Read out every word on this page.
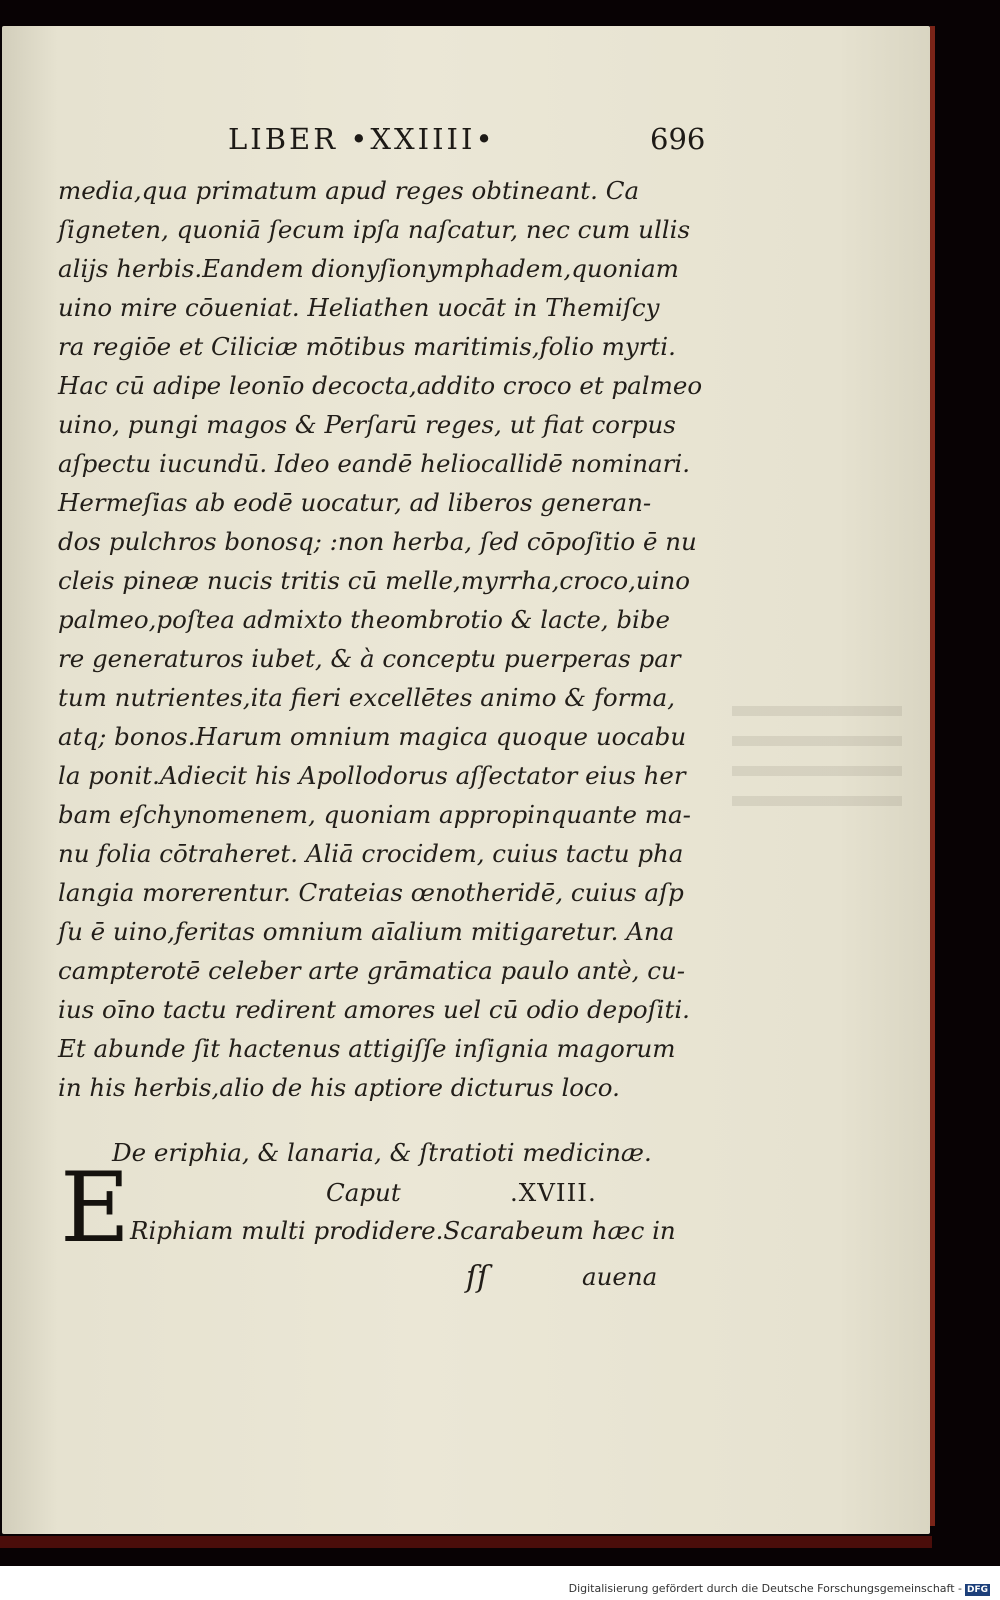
LIBER •XXIIII•	696
media,qua primatum apud reges obtineant. Ca
ſigneten, quoniā ſecum ipſa naſcatur, nec cum ullis
alijs herbis.Eandem dionyſionymphadem,quoniam
uino mire cōueniat. Heliathen uocāt in Themiſcy
ra regiōe et Ciliciæ mōtibus maritimis,folio myrti.
Hac cū adipe leonīo decocta,addito croco et palmeo
uino, pungi magos & Perſarū reges, ut fiat corpus
aſpectu iucundū. Ideo eandē heliocallidē nominari.
Hermeſias ab eodē uocatur, ad liberos generan-
dos pulchros bonosq; :non herba, ſed cōpoſitio ē nu
cleis pineæ nucis tritis cū melle,myrrha,croco,uino
palmeo,poſtea admixto theombrotio & lacte, bibe
re generaturos iubet, & à conceptu puerperas par
tum nutrientes,ita fieri excellētes animo & forma,
atq; bonos.Harum omnium magica quoque uocabu
la ponit.Adiecit his Apollodorus aſſectator eius her
bam eſchynomenem, quoniam appropinquante ma-
nu folia cōtraheret. Aliā crocidem, cuius tactu pha
langia morerentur. Crateias œnotheridē, cuius aſp
ſu ē uino,feritas omnium aīalium mitigaretur. Ana
campterotē celeber arte grāmatica paulo antè, cu-
ius oīno tactu redirent amores uel cū odio depoſiti.
Et abunde ſit hactenus attigiſſe inſignia magorum
in his herbis,alio de his aptiore dicturus loco.
De eriphia, & lanaria, & ſtratioti medicinæ.
E	Caput	.XVIII.
Riphiam multi prodidere.Scarabeum hæc in
ſſ	auena
Digitalisierung gefördert durch die Deutsche Forschungsgemeinschaft - DFG
